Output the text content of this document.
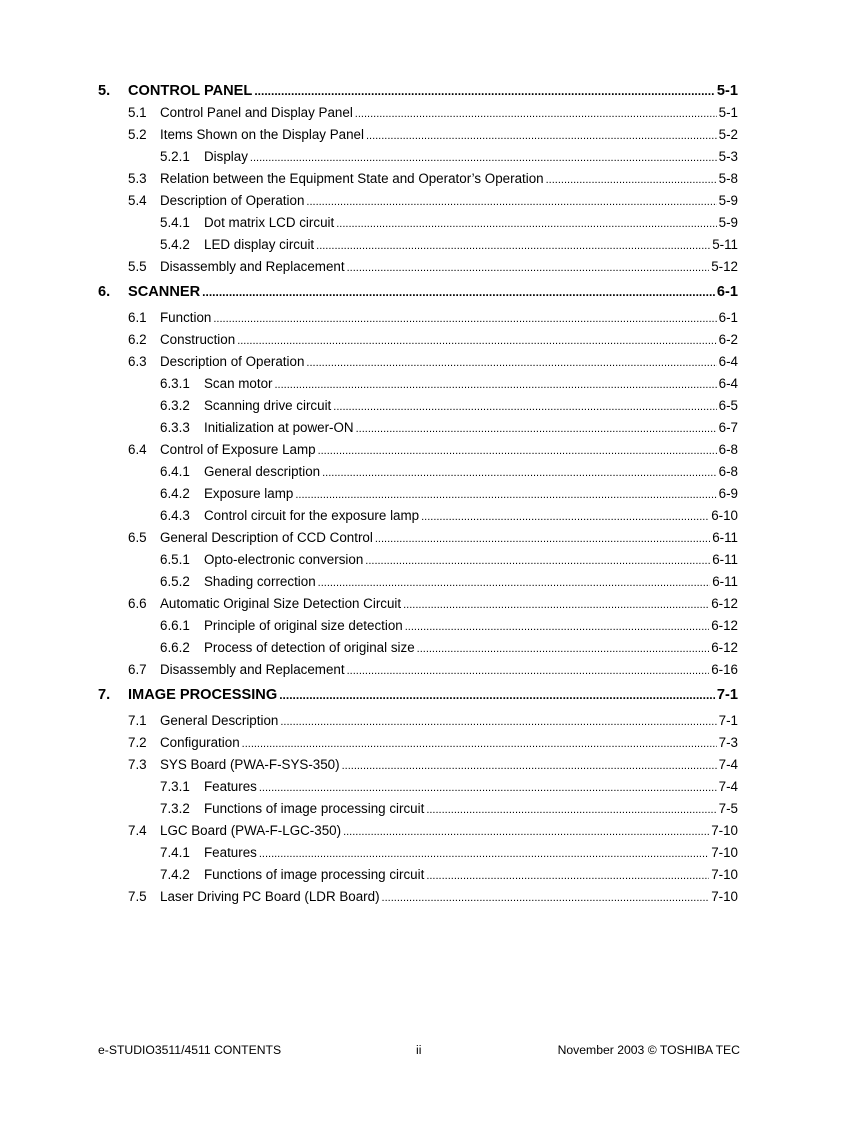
5.	CONTROL PANEL .....	5-1
5.1 Control Panel and Display Panel .....	5-1
5.2 Items Shown on the Display Panel .....	5-2
5.2.1	Display .....	5-3
5.3 Relation between the Equipment State and Operator’s Operation .....	5-8
5.4 Description of Operation .....	5-9
5.4.1	Dot matrix LCD circuit .....	5-9
5.4.2	LED display circuit .....	5-11
5.5 Disassembly and Replacement .....	5-12
6.	SCANNER .....	6-1
6.1 Function .....	6-1
6.2 Construction .....	6-2
6.3 Description of Operation .....	6-4
6.3.1	Scan motor .....	6-4
6.3.2	Scanning drive circuit .....	6-5
6.3.3	Initialization at power-ON .....	6-7
6.4 Control of Exposure Lamp .....	6-8
6.4.1	General description .....	6-8
6.4.2	Exposure lamp .....	6-9
6.4.3	Control circuit for the exposure lamp .....	6-10
6.5 General Description of CCD Control .....	6-11
6.5.1	Opto-electronic conversion .....	6-11
6.5.2	Shading correction .....	6-11
6.6 Automatic Original Size Detection Circuit .....	6-12
6.6.1	Principle of original size detection .....	6-12
6.6.2	Process of detection of original size .....	6-12
6.7 Disassembly and Replacement .....	6-16
7.	IMAGE PROCESSING .....	7-1
7.1 General Description .....	7-1
7.2 Configuration .....	7-3
7.3 SYS Board (PWA-F-SYS-350) .....	7-4
7.3.1	Features .....	7-4
7.3.2	Functions of image processing circuit .....	7-5
7.4 LGC Board (PWA-F-LGC-350) .....	7-10
7.4.1	Features .....	7-10
7.4.2	Functions of image processing circuit .....	7-10
7.5 Laser Driving PC Board (LDR Board) .....	7-10
e-STUDIO3511/4511 CONTENTS	ii	November 2003 © TOSHIBA TEC
